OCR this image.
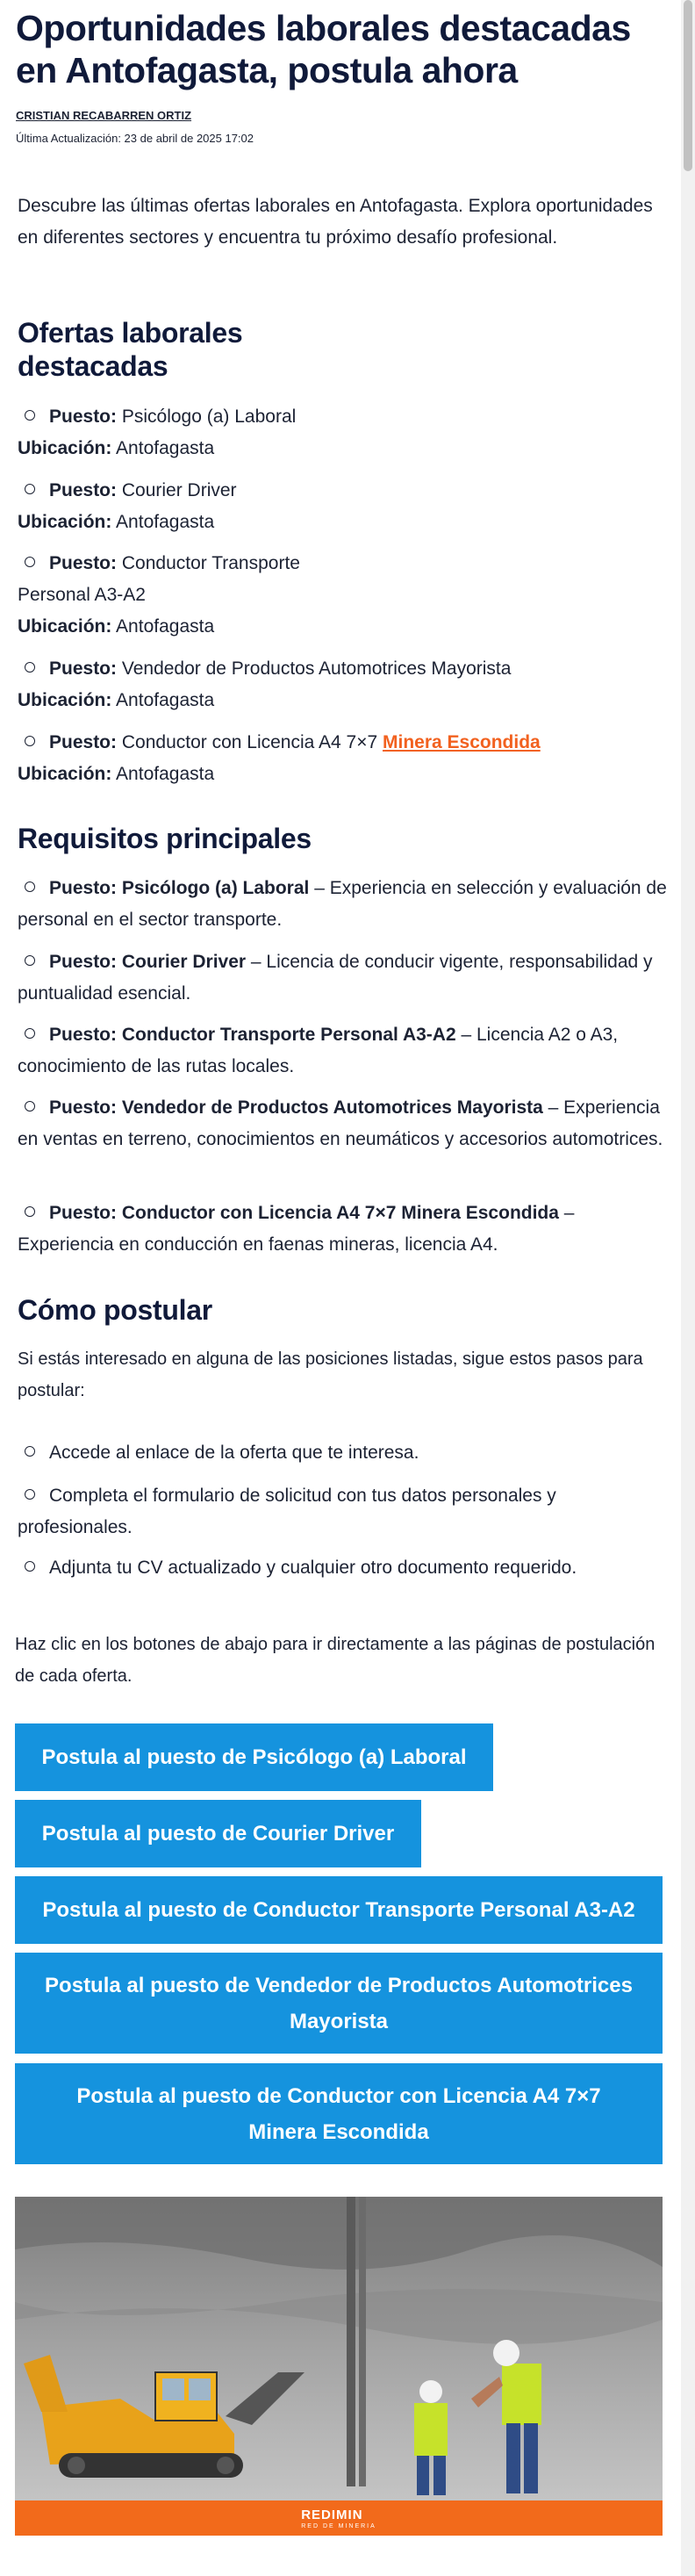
Oportunidades laborales destacadas en Antofagasta, postula ahora
CRISTIAN RECABARREN ORTIZ
Última Actualización: 23 de abril de 2025 17:02

Descubre las últimas ofertas laborales en Antofagasta. Explora oportunidades en diferentes sectores y encuentra tu próximo desafío profesional.

Ofertas laborales
destacadas
Puesto: Psicólogo (a) Laboral
Ubicación: Antofagasta
Puesto: Courier Driver
Ubicación: Antofagasta
Puesto: Conductor Transporte
Personal A3-A2
Ubicación: Antofagasta
Puesto: Vendedor de Productos Automotrices Mayorista
Ubicación: Antofagasta
Puesto: Conductor con Licencia A4 7×7 Minera Escondida
Ubicación: Antofagasta
Requisitos principales
Puesto: Psicólogo (a) Laboral – Experiencia en selección y evaluación de personal en el sector transporte.
Puesto: Courier Driver – Licencia de conducir vigente, responsabilidad y puntualidad esencial.
Puesto: Conductor Transporte Personal A3-A2 – Licencia A2 o A3, conocimiento de las rutas locales.
Puesto: Vendedor de Productos Automotrices Mayorista – Experiencia en ventas en terreno, conocimientos en neumáticos y accesorios automotrices.
Puesto: Conductor con Licencia A4 7×7 Minera Escondida – Experiencia en conducción en faenas mineras, licencia A4.
Cómo postular

Si estás interesado en alguna de las posiciones listadas, sigue estos pasos para postular:

Accede al enlace de la oferta que te interesa.
Completa el formulario de solicitud con tus datos personales y profesionales.
Adjunta tu CV actualizado y cualquier otro documento requerido.

Haz clic en los botones de abajo para ir directamente a las páginas de postulación de cada oferta.

Postula al puesto de Psicólogo (a) Laboral
Postula al puesto de Courier Driver
Postula al puesto de Conductor Transporte Personal A3-A2
Postula al puesto de Vendedor de Productos Automotrices Mayorista
Postula al puesto de Conductor con Licencia A4 7×7 Minera Escondida
REDIMIN
RED DE MINERIA
